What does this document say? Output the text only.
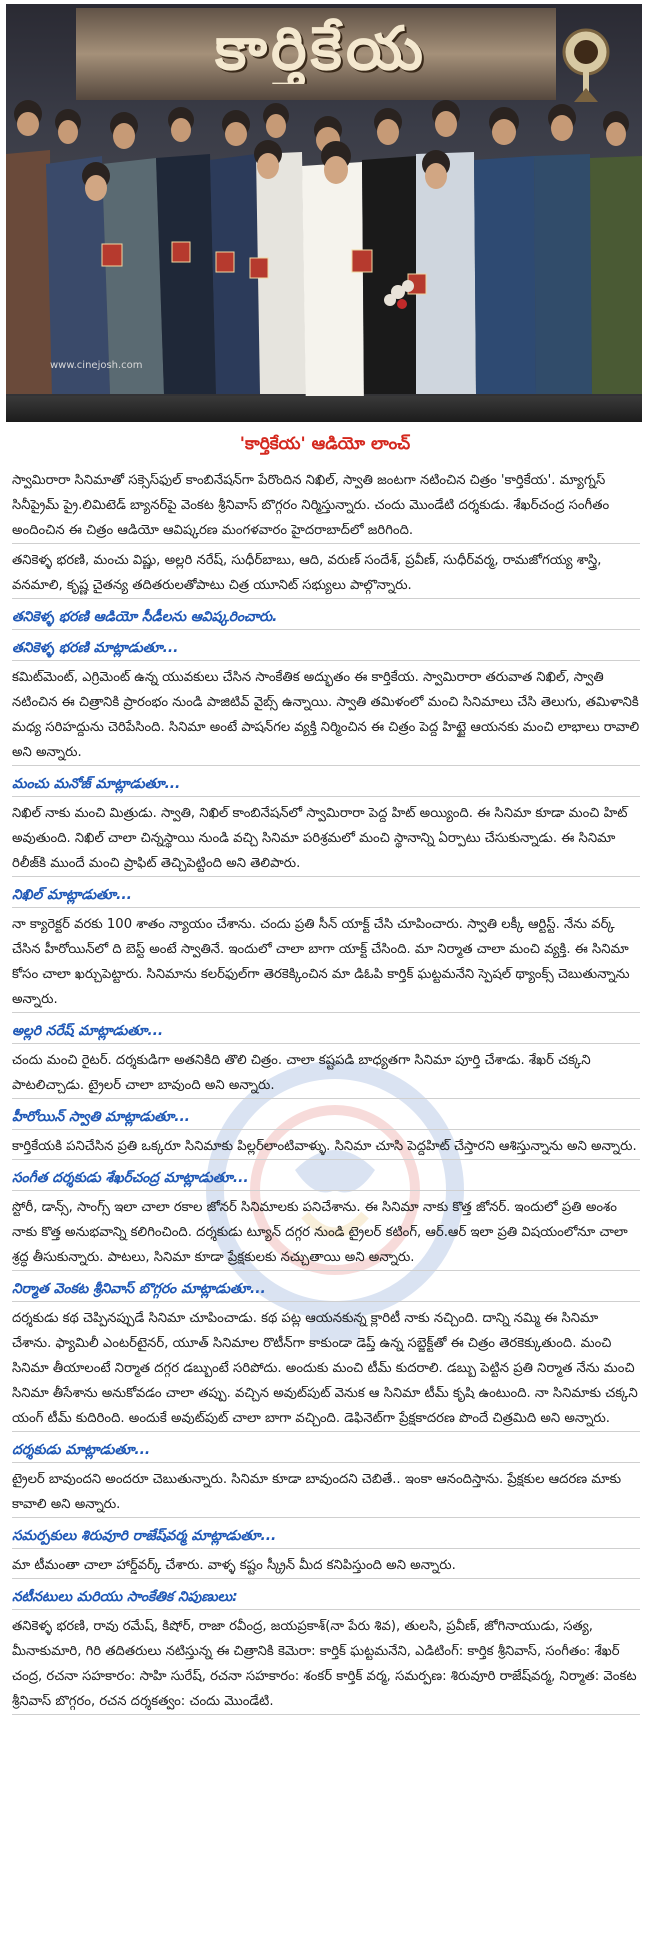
కార్తికేయ
www.cinejosh.com
'కార్తికేయ' ఆడియో లాంచ్

స్వామిరారా సినిమాతో సక్సెస్‌ఫుల్ కాంబినేషన్‌గా పేరొందిన నిఖిల్, స్వాతి జంటగా నటించిన చిత్రం 'కార్తికేయ'. మ్యాగ్నస్ సినీప్రైమ్ ప్రై.లిమిటెడ్ బ్యానర్‌పై వెంకట శ్రీనివాస్ బొగ్గరం నిర్మిస్తున్నారు. చందు మొండేటి దర్శకుడు. శేఖర్‌చంద్ర సంగీతం అందించిన ఈ చిత్రం ఆడియో ఆవిష్కరణ మంగళవారం హైదరాబాద్‌లో జరిగింది.

తనికెళ్ళ భరణి, మంచు విష్ణు, అల్లరి నరేష్, సుధీర్‌బాబు, ఆది, వరుణ్ సందేశ్, ప్రవీణ్, సుధీర్‌వర్మ, రామజోగయ్య శాస్త్రి, వనమాలి, కృష్ణ చైతన్య తదితరులతోపాటు చిత్ర యూనిట్ సభ్యులు పాల్గొన్నారు.

తనికెళ్ళ భరణి ఆడియో సీడీలను ఆవిష్కరించారు.

తనికెళ్ళ భరణి మాట్లాడుతూ...

కమిట్‌మెంట్, ఎగ్రిమెంట్ ఉన్న యువకులు చేసిన సాంకేతిక అద్భుతం ఈ కార్తికేయ. స్వామిరారా తరువాత నిఖిల్, స్వాతి నటించిన ఈ చిత్రానికి ప్రారంభం నుండి పాజిటివ్ వైబ్స్ ఉన్నాయి. స్వాతి తమిళంలో మంచి సినిమాలు చేసి తెలుగు, తమిళానికి మధ్య సరిహద్దును చెరిపేసింది. సినిమా అంటే పాషన్‌గల వ్యక్తి నిర్మించిన ఈ చిత్రం పెద్ద హిట్టై ఆయనకు మంచి లాభాలు రావాలి అని అన్నారు.

మంచు మనోజ్ మాట్లాడుతూ...

నిఖిల్ నాకు మంచి మిత్రుడు. స్వాతి, నిఖిల్ కాంబినేషన్‌లో స్వామిరారా పెద్ద హిట్ అయ్యింది. ఈ సినిమా కూడా మంచి హిట్ అవుతుంది. నిఖిల్ చాలా చిన్నస్థాయి నుండి వచ్చి సినిమా పరిశ్రమలో మంచి స్థానాన్ని ఏర్పాటు చేసుకున్నాడు. ఈ సినిమా రిలీజ్‌కి ముందే మంచి ప్రాఫిట్ తెచ్చిపెట్టింది అని తెలిపారు.

నిఖిల్ మాట్లాడుతూ...

నా క్యారెక్టర్ వరకు 100 శాతం న్యాయం చేశాను. చందు ప్రతి సీన్ యాక్ట్ చేసి చూపించారు. స్వాతి లక్కీ ఆర్టిస్ట్. నేను వర్క్ చేసిన హీరోయిన్‌లో ది బెస్ట్ అంటే స్వాతినే. ఇందులో చాలా బాగా యాక్ట్ చేసింది. మా నిర్మాత చాలా మంచి వ్యక్తి. ఈ సినిమా కోసం చాలా ఖర్చుపెట్టారు. సినిమాను కలర్‌ఫుల్‌గా తెరకెక్కించిన మా డిఓపి కార్తిక్ ఘట్టమనేని స్పెషల్ థ్యాంక్స్ చెబుతున్నాను అన్నారు.

అల్లరి నరేష్ మాట్లాడుతూ...

చందు మంచి రైటర్. దర్శకుడిగా అతనికిది తొలి చిత్రం. చాలా కష్టపడి బాధ్యతగా సినిమా పూర్తి చేశాడు. శేఖర్ చక్కని పాటలిచ్చాడు. ట్రైలర్ చాలా బావుంది అని అన్నారు.

హీరోయిన్ స్వాతి మాట్లాడుతూ...

కార్తికేయకి పనిచేసిన ప్రతి ఒక్కరూ సినిమాకు పిల్లర్‌లాంటివాళ్ళు. సినిమా చూసి పెద్దహిట్ చేస్తారని ఆశిస్తున్నాను అని అన్నారు.

సంగీత దర్శకుడు శేఖర్‌చంద్ర మాట్లాడుతూ...

స్టోరీ, డాన్స్, సాంగ్స్ ఇలా చాలా రకాల జోనర్ సినిమాలకు పనిచేశాను. ఈ సినిమా నాకు కొత్త జోనర్. ఇందులో ప్రతి అంశం నాకు కొత్త అనుభవాన్ని కలిగించింది. దర్శకుడు ట్యూన్ దగ్గర నుండి ట్రైలర్ కటింగ్, ఆర్.ఆర్ ఇలా ప్రతి విషయంలోనూ చాలా శ్రద్ధ తీసుకున్నారు. పాటలు, సినిమా కూడా ప్రేక్షకులకు నచ్చుతాయి అని అన్నారు.

నిర్మాత వెంకట శ్రీనివాస్ బొగ్గరం మాట్లాడుతూ...

దర్శకుడు కథ చెప్పినప్పుడే సినిమా చూపించాడు. కథ పట్ల ఆయనకున్న క్లారిటీ నాకు నచ్చింది. దాన్ని నమ్మి ఈ సినిమా చేశాను. ఫ్యామిలీ ఎంటర్‌టైనర్, యూత్ సినిమాల రొటీన్‌గా కాకుండా డెప్త్ ఉన్న సబ్జెక్ట్‌తో ఈ చిత్రం తెరకెక్కుతుంది. మంచి సినిమా తీయాలంటే నిర్మాత దగ్గర డబ్బుంటే సరిపోదు. అందుకు మంచి టీమ్ కుదరాలి. డబ్బు పెట్టిన ప్రతి నిర్మాత నేను మంచి సినిమా తీసేశాను అనుకోవడం చాలా తప్పు. వచ్చిన అవుట్‌పుట్ వెనుక ఆ సినిమా టీమ్ కృషి ఉంటుంది. నా సినిమాకు చక్కని యంగ్ టీమ్ కుదిరింది. అందుకే అవుట్‌పుట్ చాలా బాగా వచ్చింది. డెఫినెట్‌గా ప్రేక్షకాదరణ పొందే చిత్రమిది అని అన్నారు.

దర్శకుడు మాట్లాడుతూ...

ట్రైలర్ బావుందని అందరూ చెబుతున్నారు. సినిమా కూడా బావుందని చెబితే.. ఇంకా ఆనందిస్తాను. ప్రేక్షకుల ఆదరణ మాకు కావాలి అని అన్నారు.

సమర్పకులు శిరువూరి రాజేష్‌వర్మ మాట్లాడుతూ...

మా టీమంతా చాలా హార్డ్‌వర్క్ చేశారు. వాళ్ళ కష్టం స్క్రీన్ మీద కనిపిస్తుంది అని అన్నారు.

నటీనటులు మరియు సాంకేతిక నిపుణులు:

తనికెళ్ళ భరణి, రావు రమేష్, కిషోర్, రాజా రవీంద్ర, జయప్రకాశ్(నా పేరు శివ), తులసి, ప్రవీణ్, జోగినాయుడు, సత్య, మీనాకుమారి, గిరి తదితరులు నటిస్తున్న ఈ చిత్రానికి కెమెరా: కార్తిక్ ఘట్టమనేని, ఎడిటింగ్: కార్తిక శ్రీనివాస్, సంగీతం: శేఖర్ చంద్ర, రచనా సహకారం: సాహి సురేష్, రచనా సహకారం: శంకర్ కార్తిక్ వర్మ, సమర్పణ: శిరువూరి రాజేష్‌వర్మ, నిర్మాత: వెంకట శ్రీనివాస్ బొగ్గరం, రచన దర్శకత్వం: చందు మొండేటి.
